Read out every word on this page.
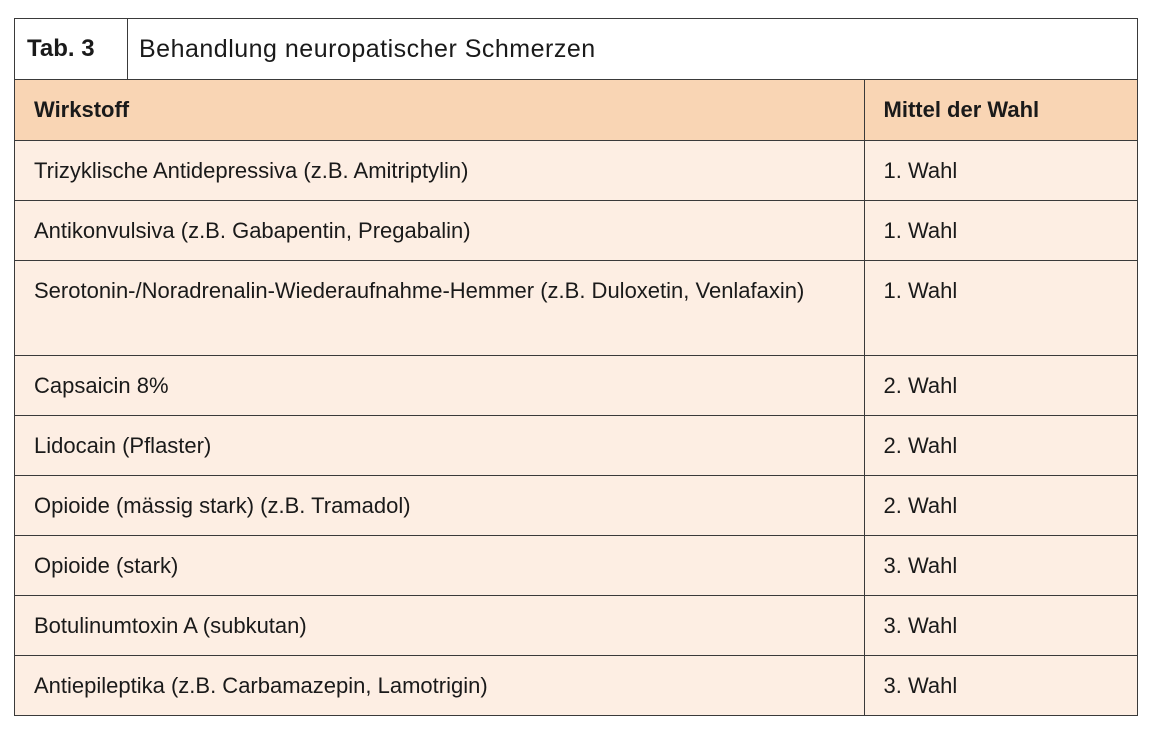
Tab. 3	Behandlung neuropatischer Schmerzen
Wirkstoff	Mittel der Wahl
Trizyklische Antidepressiva (z.B. Amitriptylin)	1. Wahl
Antikonvulsiva (z.B. Gabapentin, Pregabalin)	1. Wahl
Serotonin-/Noradrenalin-Wiederaufnahme-Hemmer (z.B. Duloxetin, Venlafaxin)	1. Wahl
Capsaicin 8%	2. Wahl
Lidocain (Pflaster)	2. Wahl
Opioide (mässig stark) (z.B. Tramadol)	2. Wahl
Opioide (stark)	3. Wahl
Botulinumtoxin A (subkutan)	3. Wahl
Antiepileptika (z.B. Carbamazepin, Lamotrigin)	3. Wahl
